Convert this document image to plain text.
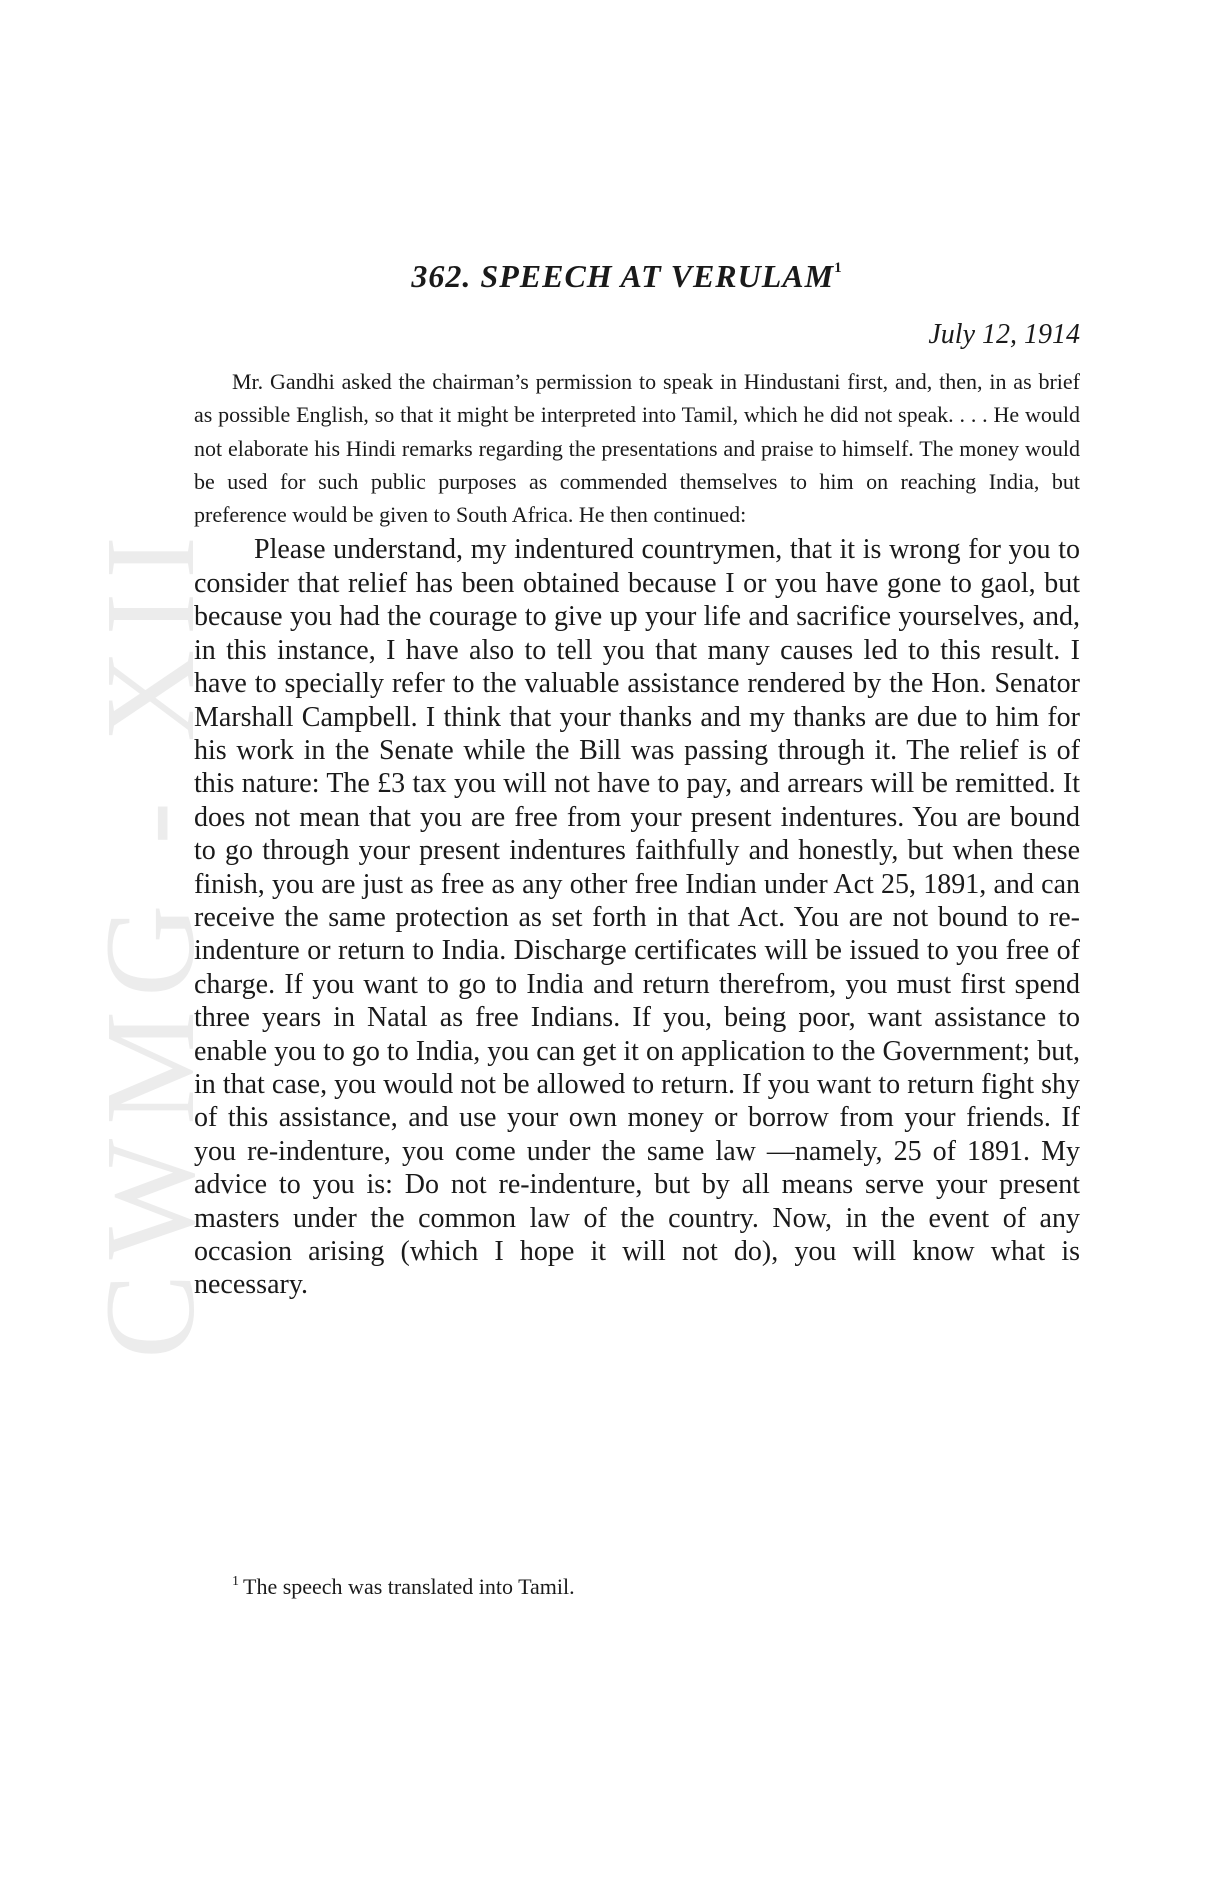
CWMG - XII
362. SPEECH AT VERULAM$^1$

July 12, 1914

Mr. Gandhi asked the chairman’s permission to speak in Hindustani first, and, then, in as brief as possible English, so that it might be interpreted into Tamil, which he did not speak. . . . He would not elaborate his Hindi remarks regarding the presentations and praise to himself. The money would be used for such public purposes as commended themselves to him on reaching India, but preference would be given to South Africa. He then continued:

Please understand, my indentured countrymen, that it is wrong for you to consider that relief has been obtained because I or you have gone to gaol, but because you had the courage to give up your life and sacrifice yourselves, and, in this instance, I have also to tell you that many causes led to this result. I have to specially refer to the valuable assistance rendered by the Hon. Senator Marshall Campbell. I think that your thanks and my thanks are due to him for his work in the Senate while the Bill was passing through it. The relief is of this nature: The £3 tax you will not have to pay, and arrears will be remitted. It does not mean that you are free from your present indentures. You are bound to go through your present indentures faithfully and honestly, but when these finish, you are just as free as any other free Indian under Act 25, 1891, and can receive the same protection as set forth in that Act. You are not bound to re-indenture or return to India. Discharge certificates will be issued to you free of charge. If you want to go to India and return therefrom, you must first spend three years in Natal as free Indians. If you, being poor, want assistance to enable you to go to India, you can get it on application to the Government; but, in that case, you would not be allowed to return. If you want to return fight shy of this assistance, and use your own money or borrow from your friends. If you re-indenture, you come under the same law —namely, 25 of 1891. My advice to you is: Do not re-indenture, but by all means serve your present masters under the common law of the country. Now, in the event of any occasion arising (which I hope it will not do), you will know what is necessary.

$^1$ The speech was translated into Tamil.
